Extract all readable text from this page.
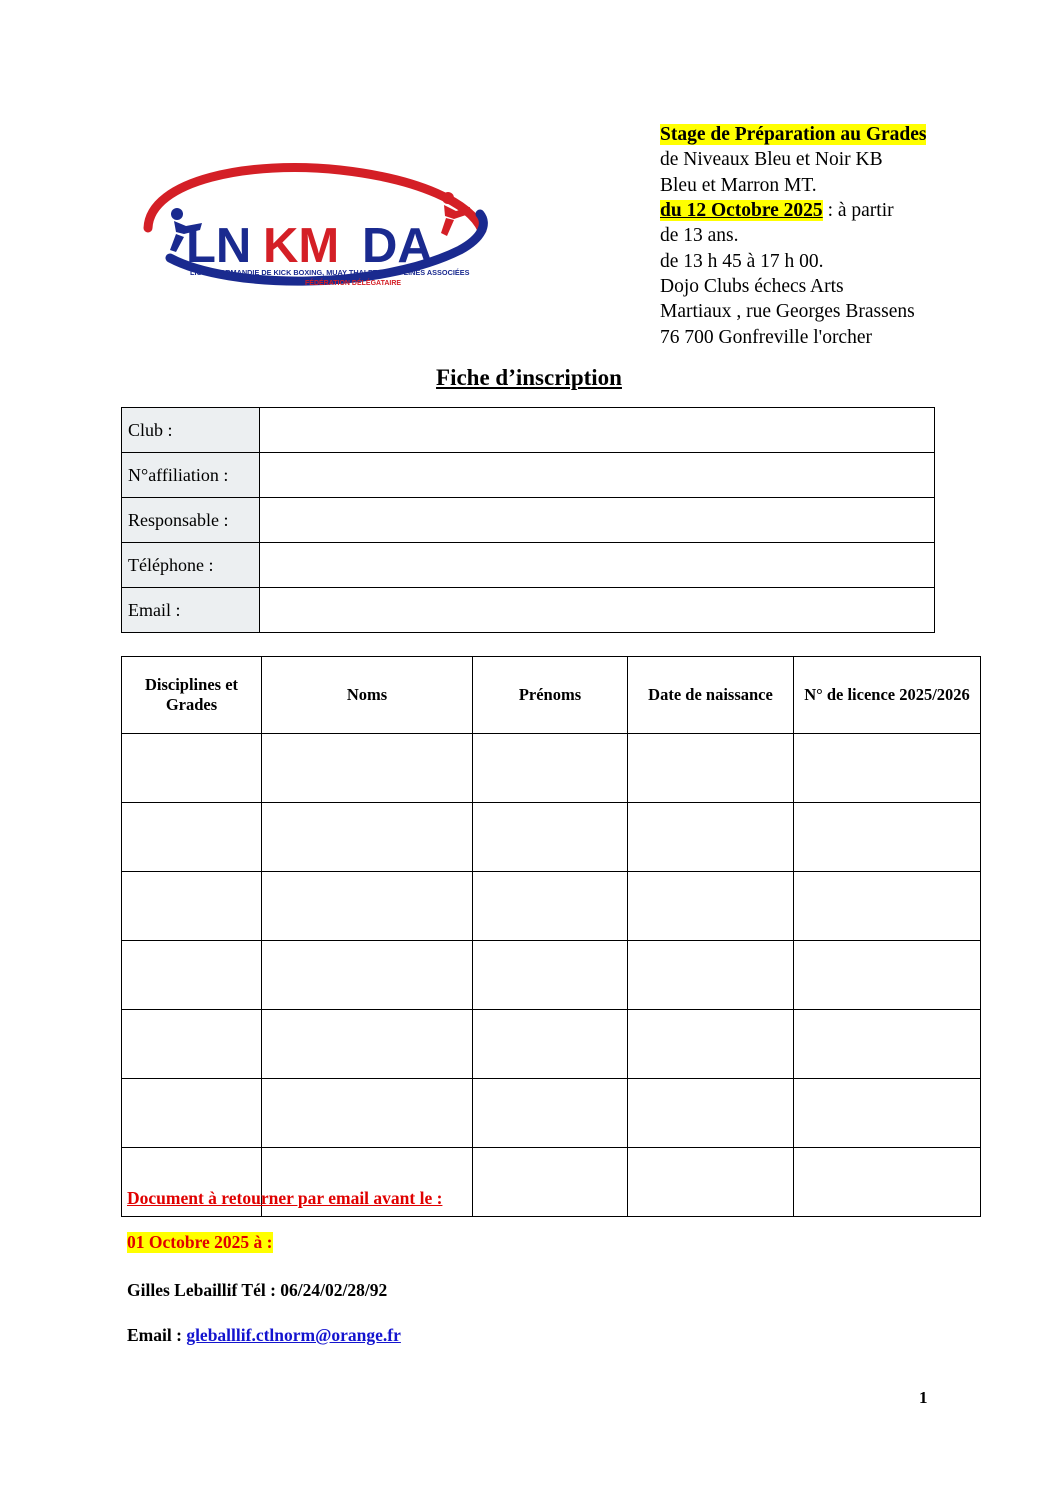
LN KM DA
LIGUE NORMANDIE DE KICK BOXING, MUAY THAI ET DISCIPLINES ASSOCIÉES
FÉDÉRATION DÉLÉGATAIRE
Stage de Préparation au Grades
de Niveaux Bleu et Noir KB
Bleu et Marron MT.
du 12 Octobre 2025 : à partir
de 13 ans.
de 13 h 45 à 17 h 00.
Dojo Clubs échecs Arts
Martiaux , rue Georges Brassens
76 700 Gonfreville l'orcher
Fiche d’inscription
Club :	
N°affiliation :	
Responsable :	
Téléphone :	
Email :	
Disciplines et Grades	Noms	Prénoms	Date de naissance	N° de licence 2025/2026

Document à retourner par email avant le :
01 Octobre 2025 à :
Gilles Lebaillif Tél : 06/24/02/28/92
Email : gleballlif.ctlnorm@orange.fr
1
